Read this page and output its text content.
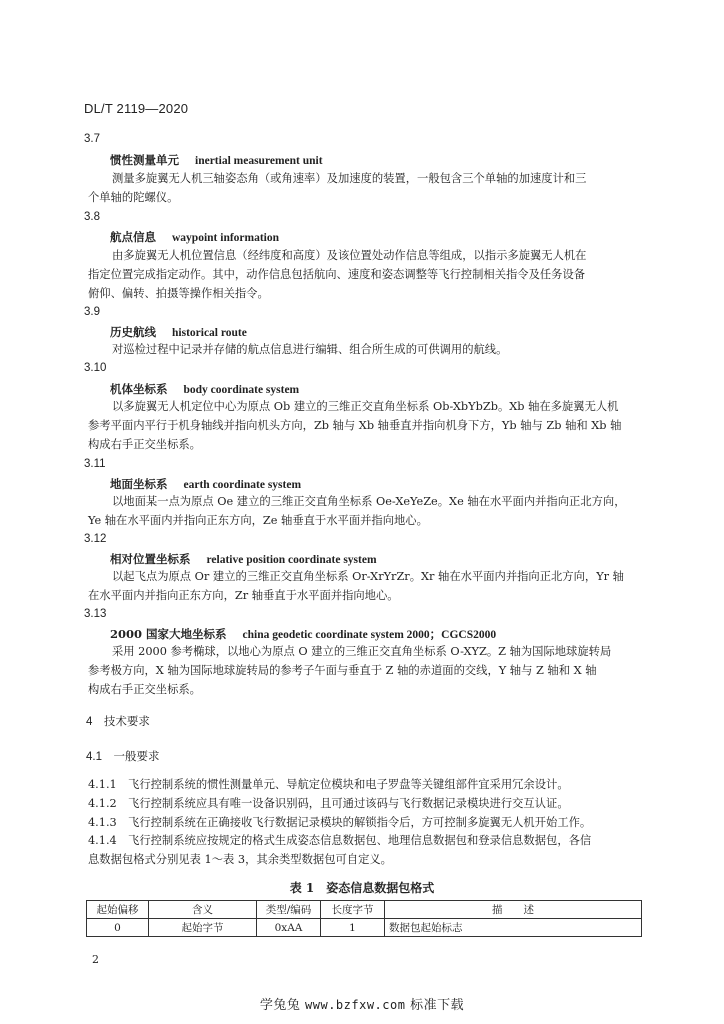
DL/T 2119—2020
3.7
惯性测量单元 inertial measurement unit
测量多旋翼无人机三轴姿态角（或角速率）及加速度的装置，一般包含三个单轴的加速度计和三
个单轴的陀螺仪。
3.8
航点信息 waypoint information
由多旋翼无人机位置信息（经纬度和高度）及该位置处动作信息等组成，以指示多旋翼无人机在
指定位置完成指定动作。其中，动作信息包括航向、速度和姿态调整等飞行控制相关指令及任务设备
俯仰、偏转、拍摄等操作相关指令。
3.9
历史航线 historical route
对巡检过程中记录并存储的航点信息进行编辑、组合所生成的可供调用的航线。
3.10
机体坐标系 body coordinate system
以多旋翼无人机定位中心为原点 Ob 建立的三维正交直角坐标系 Ob-XbYbZb。Xb 轴在多旋翼无人机
参考平面内平行于机身轴线并指向机头方向，Zb 轴与 Xb 轴垂直并指向机身下方，Yb 轴与 Zb 轴和 Xb 轴
构成右手正交坐标系。
3.11
地面坐标系 earth coordinate system
以地面某一点为原点 Oe 建立的三维正交直角坐标系 Oe-XeYeZe。Xe 轴在水平面内并指向正北方向，
Ye 轴在水平面内并指向正东方向，Ze 轴垂直于水平面并指向地心。
3.12
相对位置坐标系 relative position coordinate system
以起飞点为原点 Or 建立的三维正交直角坐标系 Or-XrYrZr。Xr 轴在水平面内并指向正北方向，Yr 轴
在水平面内并指向正东方向，Zr 轴垂直于水平面并指向地心。
3.13
2000 国家大地坐标系 china geodetic coordinate system 2000；CGCS2000
采用 2000 参考椭球，以地心为原点 O 建立的三维正交直角坐标系 O-XYZ。Z 轴为国际地球旋转局
参考极方向，X 轴为国际地球旋转局的参考子午面与垂直于 Z 轴的赤道面的交线，Y 轴与 Z 轴和 X 轴
构成右手正交坐标系。
4　技术要求
4.1　一般要求
4.1.1　飞行控制系统的惯性测量单元、导航定位模块和电子罗盘等关键组部件宜采用冗余设计。
4.1.2　飞行控制系统应具有唯一设备识别码，且可通过该码与飞行数据记录模块进行交互认证。
4.1.3　飞行控制系统在正确接收飞行数据记录模块的解锁指令后，方可控制多旋翼无人机开始工作。
4.1.4　飞行控制系统应按规定的格式生成姿态信息数据包、地理信息数据包和登录信息数据包，各信
息数据包格式分别见表 1～表 3，其余类型数据包可自定义。
表 1　姿态信息数据包格式
起始偏移	含义	类型/编码	长度字节	描　　述
0	起始字节	0xAA	1	数据包起始标志
2
学兔兔 www.bzfxw.com 标准下载
